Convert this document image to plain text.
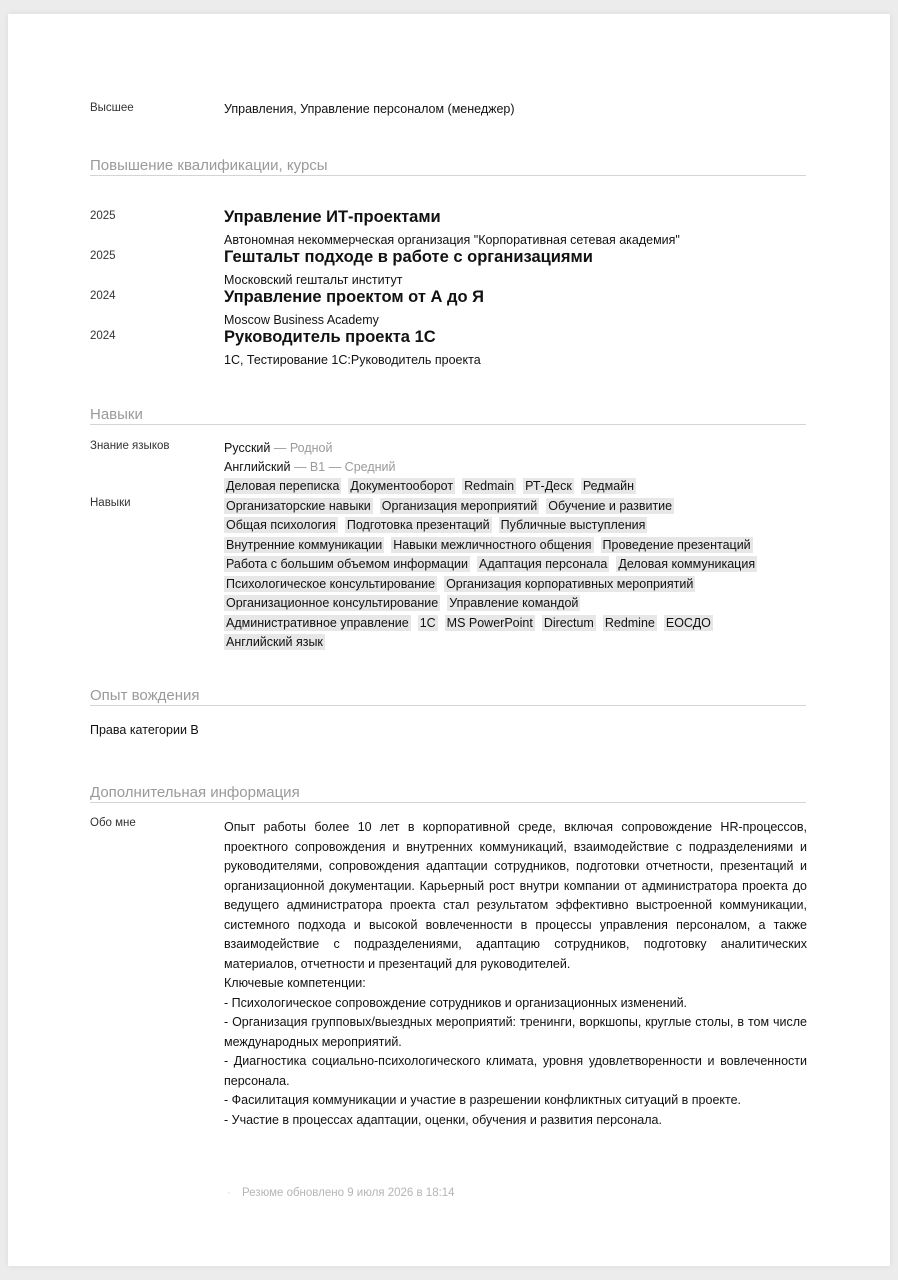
Высшее	Управления, Управление персоналом (менеджер)
Повышение квалификации, курсы
2025	Управление ИТ-проектами
Автономная некоммерческая организация "Корпоративная сетевая академия"
2025	Гештальт подходе в работе с организациями
Московский гештальт институт
2024	Управление проектом от А до Я
Moscow Business Academy
2024	Руководитель проекта 1С
1С, Тестирование 1С:Руководитель проекта
Навыки
Знание языков	Русский — Родной
Английский — B1 — Средний
Навыки
Деловая переписка Документооборот Redmain РТ-Деск Редмайн
Организаторские навыки Организация мероприятий Обучение и развитие
Общая психология Подготовка презентаций Публичные выступления
Внутренние коммуникации Навыки межличностного общения Проведение презентаций
Работа с большим объемом информации Адаптация персонала Деловая коммуникация
Психологическое консультирование Организация корпоративных мероприятий
Организационное консультирование Управление командой
Административное управление 1С MS PowerPoint Directum Redmine ЕОСДО
Английский язык
Опыт вождения
Права категории B
Дополнительная информация
Обо мне	Опыт работы более 10 лет в корпоративной среде, включая сопровождение HR-процессов, проектного сопровождения и внутренних коммуникаций, взаимодействие с подразделениями и руководителями, сопровождения адаптации сотрудников, подготовки отчетности, презентаций и организационной документации. Карьерный рост внутри компании от администратора проекта до ведущего администратора проекта стал результатом эффективно выстроенной коммуникации, системного подхода и высокой вовлеченности в процессы управления персоналом, а также взаимодействие с подразделениями, адаптацию сотрудников, подготовку аналитических материалов, отчетности и презентаций для руководителей.

Ключевые компетенции:

- Психологическое сопровождение сотрудников и организационных изменений.

- Организация групповых/выездных мероприятий: тренинги, воркшопы, круглые столы, в том числе международных мероприятий.

- Диагностика социально-психологического климата, уровня удовлетворенности и вовлеченности персонала.

- Фасилитация коммуникации и участие в разрешении конфликтных ситуаций в проекте.

- Участие в процессах адаптации, оценки, обучения и развития персонала.

· Резюме обновлено 9 июля 2026 в 18:14
